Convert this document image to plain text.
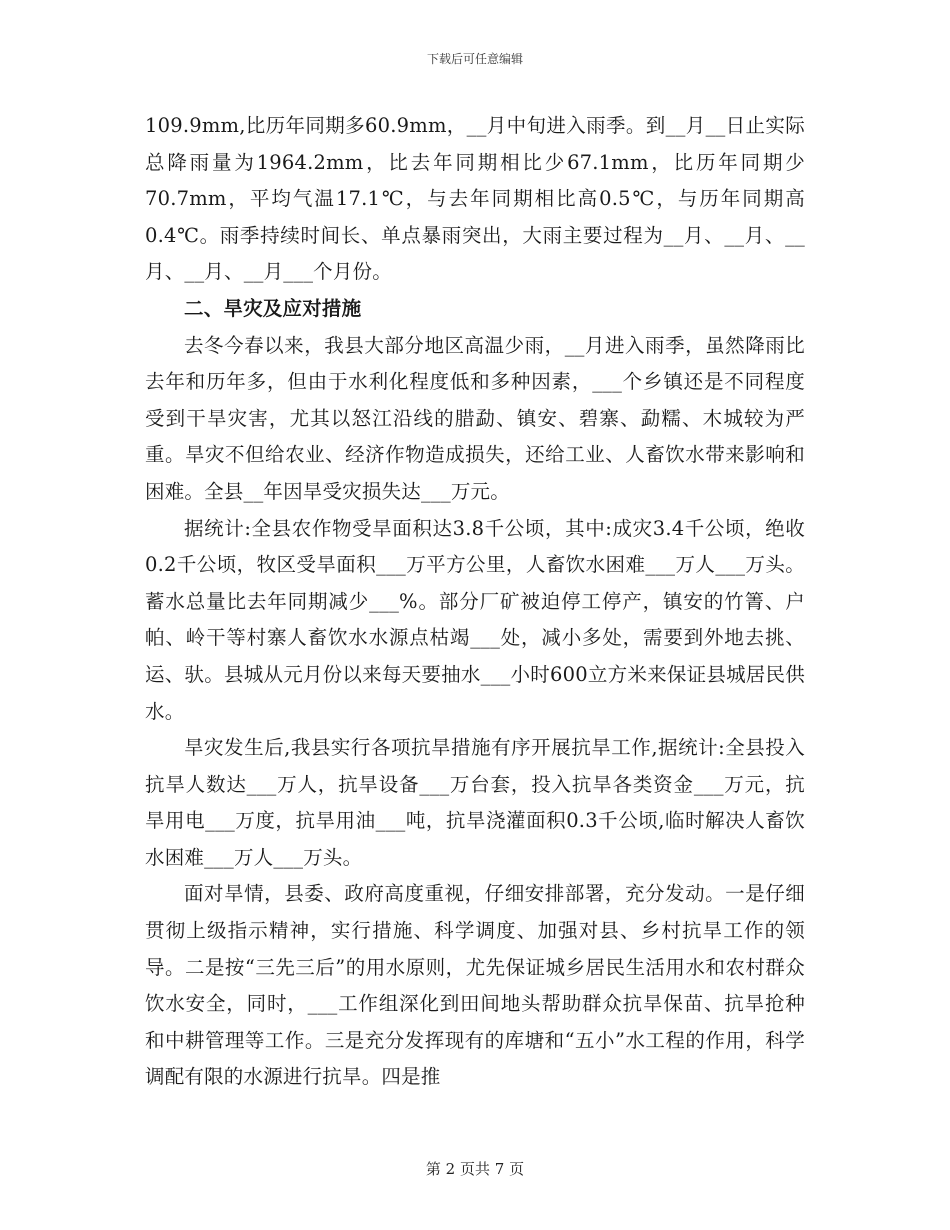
下载后可任意编辑

109.9mm,比历年同期多60.9mm，__月中旬进入雨季。到__月__日止实际总降雨量为1964.2mm，比去年同期相比少67.1mm，比历年同期少70.7mm，平均气温17.1℃，与去年同期相比高0.5℃，与历年同期高0.4℃。雨季持续时间长、单点暴雨突出，大雨主要过程为__月、__月、__月、__月、__月___个月份。

二、旱灾及应对措施

去冬今春以来，我县大部分地区高温少雨，__月进入雨季，虽然降雨比去年和历年多，但由于水利化程度低和多种因素，___个乡镇还是不同程度受到干旱灾害，尤其以怒江沿线的腊勐、镇安、碧寨、勐糯、木城较为严重。旱灾不但给农业、经济作物造成损失，还给工业、人畜饮水带来影响和困难。全县__年因旱受灾损失达___万元。

据统计:全县农作物受旱面积达3.8千公顷，其中:成灾3.4千公顷，绝收0.2千公顷，牧区受旱面积___万平方公里，人畜饮水困难___万人___万头。蓄水总量比去年同期减少___%。部分厂矿被迫停工停产，镇安的竹箐、户帕、岭干等村寨人畜饮水水源点枯竭___处，减小多处，需要到外地去挑、运、驮。县城从元月份以来每天要抽水___小时600立方米来保证县城居民供水。

旱灾发生后,我县实行各项抗旱措施有序开展抗旱工作,据统计:全县投入抗旱人数达___万人，抗旱设备___万台套，投入抗旱各类资金___万元，抗旱用电___万度，抗旱用油___吨，抗旱浇灌面积0.3千公顷,临时解决人畜饮水困难___万人___万头。

面对旱情，县委、政府高度重视，仔细安排部署，充分发动。一是仔细贯彻上级指示精神，实行措施、科学调度、加强对县、乡村抗旱工作的领导。二是按“三先三后”的用水原则，尤先保证城乡居民生活用水和农村群众饮水安全，同时，___工作组深化到田间地头帮助群众抗旱保苗、抗旱抢种和中耕管理等工作。三是充分发挥现有的库塘和“五小”水工程的作用，科学调配有限的水源进行抗旱。四是推

第 2 页共 7 页
